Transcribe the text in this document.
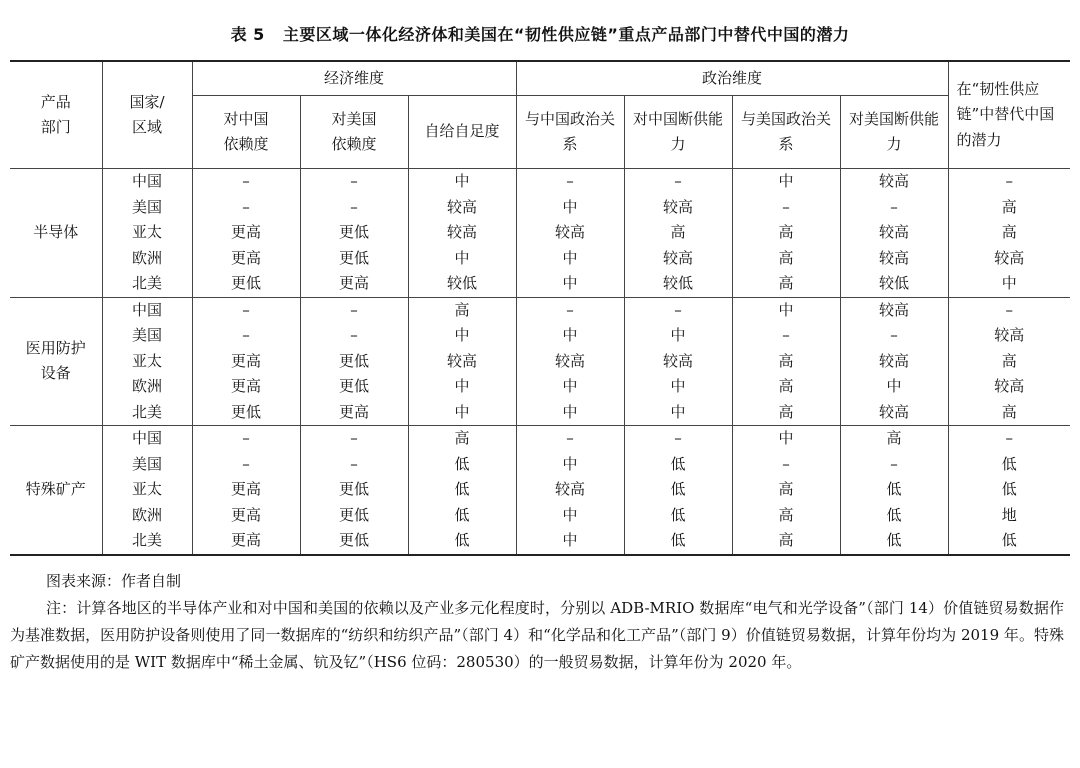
表 5 主要区域一体化经济体和美国在“韧性供应链”重点产品部门中替代中国的潜力
产品部门	国家/区域	经济维度			政治维度				在“韧性供应链”中替代中国的潜力
		对中国依赖度	对美国依赖度	自给自足度	与中国政治关系	对中国断供能力	与美国政治关系	对美国断供能力	
半导体	中国	–	–	中	–	–	中	较高	–
	美国	–	–	较高	中	较高	–	–	高
	亚太	更高	更低	较高	较高	高	高	较高	高
	欧洲	更高	更低	中	中	较高	高	较高	较高
	北美	更低	更高	较低	中	较低	高	较低	中
医用防护设备	中国	–	–	高	–	–	中	较高	–
	美国	–	–	中	中	中	–	–	较高
	亚太	更高	更低	较高	较高	较高	高	较高	高
	欧洲	更高	更低	中	中	中	高	中	较高
	北美	更低	更高	中	中	中	高	较高	高
特殊矿产	中国	–	–	高	–	–	中	高	–
	美国	–	–	低	中	低	–	–	低
	亚太	更高	更低	低	较高	低	高	低	低
	欧洲	更高	更低	低	中	低	高	低	地
	北美	更高	更低	低	中	低	高	低	低
图表来源：作者自制
注：计算各地区的半导体产业和对中国和美国的依赖以及产业多元化程度时，分别以 ADB-MRIO 数据库“电气和光学设备”（部门 14）价值链贸易数据作为基准数据，医用防护设备则使用了同一数据库的“纺织和纺织产品”（部门 4）和“化学品和化工产品”（部门 9）价值链贸易数据，计算年份均为 2019 年。特殊矿产数据使用的是 WIT 数据库中“稀土金属、钪及钇”（HS6 位码：280530）的一般贸易数据，计算年份为 2020 年。
